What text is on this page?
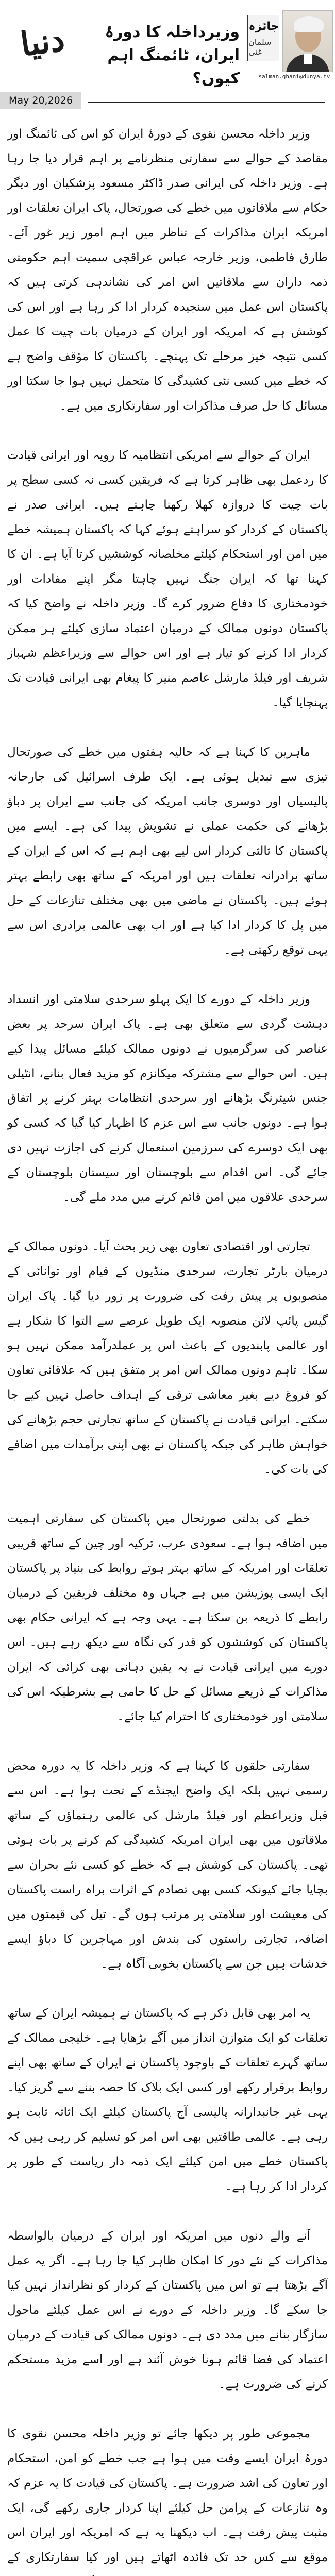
دنیا
May 20,2026
وزیرداخلہ کا دورۂ ایران، ٹائمنگ اہم کیوں؟
جائزہ
سلمان غنی
salman.ghani@dunya.tv

وزیر داخلہ محسن نقوی کے دورۂ ایران کو اس کی ٹائمنگ اور مقاصد کے حوالے سے سفارتی منظرنامے پر اہم قرار دیا جا رہا ہے۔ وزیر داخلہ کی ایرانی صدر ڈاکٹر مسعود پزشکیان اور دیگر حکام سے ملاقاتوں میں خطے کی صورتحال، پاک ایران تعلقات اور امریکہ ایران مذاکرات کے تناظر میں اہم امور زیر غور آئے۔ طارق فاطمی، وزیر خارجہ عباس عراقچی سمیت اہم حکومتی ذمہ داران سے ملاقاتیں اس امر کی نشاندہی کرتی ہیں کہ پاکستان اس عمل میں سنجیدہ کردار ادا کر رہا ہے اور اس کی کوشش ہے کہ امریکہ اور ایران کے درمیان بات چیت کا عمل کسی نتیجہ خیز مرحلے تک پہنچے۔ پاکستان کا مؤقف واضح ہے کہ خطے میں کسی نئی کشیدگی کا متحمل نہیں ہوا جا سکتا اور مسائل کا حل صرف مذاکرات اور سفارتکاری میں ہے۔

ایران کے حوالے سے امریکی انتظامیہ کا رویہ اور ایرانی قیادت کا ردعمل بھی ظاہر کرتا ہے کہ فریقین کسی نہ کسی سطح پر بات چیت کا دروازہ کھلا رکھنا چاہتے ہیں۔ ایرانی صدر نے پاکستان کے کردار کو سراہتے ہوئے کہا کہ پاکستان ہمیشہ خطے میں امن اور استحکام کیلئے مخلصانہ کوششیں کرتا آیا ہے۔ ان کا کہنا تھا کہ ایران جنگ نہیں چاہتا مگر اپنے مفادات اور خودمختاری کا دفاع ضرور کرے گا۔ وزیر داخلہ نے واضح کیا کہ پاکستان دونوں ممالک کے درمیان اعتماد سازی کیلئے ہر ممکن کردار ادا کرنے کو تیار ہے اور اس حوالے سے وزیراعظم شہباز شریف اور فیلڈ مارشل عاصم منیر کا پیغام بھی ایرانی قیادت تک پہنچایا گیا۔

ماہرین کا کہنا ہے کہ حالیہ ہفتوں میں خطے کی صورتحال تیزی سے تبدیل ہوئی ہے۔ ایک طرف اسرائیل کی جارحانہ پالیسیاں اور دوسری جانب امریکہ کی جانب سے ایران پر دباؤ بڑھانے کی حکمت عملی نے تشویش پیدا کی ہے۔ ایسے میں پاکستان کا ثالثی کردار اس لیے بھی اہم ہے کہ اس کے ایران کے ساتھ برادرانہ تعلقات ہیں اور امریکہ کے ساتھ بھی رابطے بہتر ہوئے ہیں۔ پاکستان نے ماضی میں بھی مختلف تنازعات کے حل میں پل کا کردار ادا کیا ہے اور اب بھی عالمی برادری اس سے یہی توقع رکھتی ہے۔

وزیر داخلہ کے دورے کا ایک پہلو سرحدی سلامتی اور انسداد دہشت گردی سے متعلق بھی ہے۔ پاک ایران سرحد پر بعض عناصر کی سرگرمیوں نے دونوں ممالک کیلئے مسائل پیدا کیے ہیں۔ اس حوالے سے مشترکہ میکانزم کو مزید فعال بنانے، انٹیلی جنس شیئرنگ بڑھانے اور سرحدی انتظامات بہتر کرنے پر اتفاق ہوا ہے۔ دونوں جانب سے اس عزم کا اظہار کیا گیا کہ کسی کو بھی ایک دوسرے کی سرزمین استعمال کرنے کی اجازت نہیں دی جائے گی۔ اس اقدام سے بلوچستان اور سیستان بلوچستان کے سرحدی علاقوں میں امن قائم کرنے میں مدد ملے گی۔

تجارتی اور اقتصادی تعاون بھی زیر بحث آیا۔ دونوں ممالک کے درمیان بارٹر تجارت، سرحدی منڈیوں کے قیام اور توانائی کے منصوبوں پر پیش رفت کی ضرورت پر زور دیا گیا۔ پاک ایران گیس پائپ لائن منصوبہ ایک طویل عرصے سے التوا کا شکار ہے اور عالمی پابندیوں کے باعث اس پر عملدرآمد ممکن نہیں ہو سکا۔ تاہم دونوں ممالک اس امر پر متفق ہیں کہ علاقائی تعاون کو فروغ دیے بغیر معاشی ترقی کے اہداف حاصل نہیں کیے جا سکتے۔ ایرانی قیادت نے پاکستان کے ساتھ تجارتی حجم بڑھانے کی خواہش ظاہر کی جبکہ پاکستان نے بھی اپنی برآمدات میں اضافے کی بات کی۔

خطے کی بدلتی صورتحال میں پاکستان کی سفارتی اہمیت میں اضافہ ہوا ہے۔ سعودی عرب، ترکیہ اور چین کے ساتھ قریبی تعلقات اور امریکہ کے ساتھ بہتر ہوتے روابط کی بنیاد پر پاکستان ایک ایسی پوزیشن میں ہے جہاں وہ مختلف فریقین کے درمیان رابطے کا ذریعہ بن سکتا ہے۔ یہی وجہ ہے کہ ایرانی حکام بھی پاکستان کی کوششوں کو قدر کی نگاہ سے دیکھ رہے ہیں۔ اس دورے میں ایرانی قیادت نے یہ یقین دہانی بھی کرائی کہ ایران مذاکرات کے ذریعے مسائل کے حل کا حامی ہے بشرطیکہ اس کی سلامتی اور خودمختاری کا احترام کیا جائے۔

سفارتی حلقوں کا کہنا ہے کہ وزیر داخلہ کا یہ دورہ محض رسمی نہیں بلکہ ایک واضح ایجنڈے کے تحت ہوا ہے۔ اس سے قبل وزیراعظم اور فیلڈ مارشل کی عالمی رہنماؤں کے ساتھ ملاقاتوں میں بھی ایران امریکہ کشیدگی کم کرنے پر بات ہوئی تھی۔ پاکستان کی کوشش ہے کہ خطے کو کسی نئے بحران سے بچایا جائے کیونکہ کسی بھی تصادم کے اثرات براہ راست پاکستان کی معیشت اور سلامتی پر مرتب ہوں گے۔ تیل کی قیمتوں میں اضافہ، تجارتی راستوں کی بندش اور مہاجرین کا دباؤ ایسے خدشات ہیں جن سے پاکستان بخوبی آگاہ ہے۔

یہ امر بھی قابل ذکر ہے کہ پاکستان نے ہمیشہ ایران کے ساتھ تعلقات کو ایک متوازن انداز میں آگے بڑھایا ہے۔ خلیجی ممالک کے ساتھ گہرے تعلقات کے باوجود پاکستان نے ایران کے ساتھ بھی اپنے روابط برقرار رکھے اور کسی ایک بلاک کا حصہ بننے سے گریز کیا۔ یہی غیر جانبدارانہ پالیسی آج پاکستان کیلئے ایک اثاثہ ثابت ہو رہی ہے۔ عالمی طاقتیں بھی اس امر کو تسلیم کر رہی ہیں کہ پاکستان خطے میں امن کیلئے ایک ذمہ دار ریاست کے طور پر کردار ادا کر رہا ہے۔

آنے والے دنوں میں امریکہ اور ایران کے درمیان بالواسطہ مذاکرات کے نئے دور کا امکان ظاہر کیا جا رہا ہے۔ اگر یہ عمل آگے بڑھتا ہے تو اس میں پاکستان کے کردار کو نظرانداز نہیں کیا جا سکے گا۔ وزیر داخلہ کے دورے نے اس عمل کیلئے ماحول سازگار بنانے میں مدد دی ہے۔ دونوں ممالک کی قیادت کے درمیان اعتماد کی فضا قائم ہونا خوش آئند ہے اور اسے مزید مستحکم کرنے کی ضرورت ہے۔

مجموعی طور پر دیکھا جائے تو وزیر داخلہ محسن نقوی کا دورۂ ایران ایسے وقت میں ہوا ہے جب خطے کو امن، استحکام اور تعاون کی اشد ضرورت ہے۔ پاکستان کی قیادت کا یہ عزم کہ وہ تنازعات کے پرامن حل کیلئے اپنا کردار جاری رکھے گی، ایک مثبت پیش رفت ہے۔ اب دیکھنا یہ ہے کہ امریکہ اور ایران اس موقع سے کس حد تک فائدہ اٹھاتے ہیں اور کیا سفارتکاری کے
